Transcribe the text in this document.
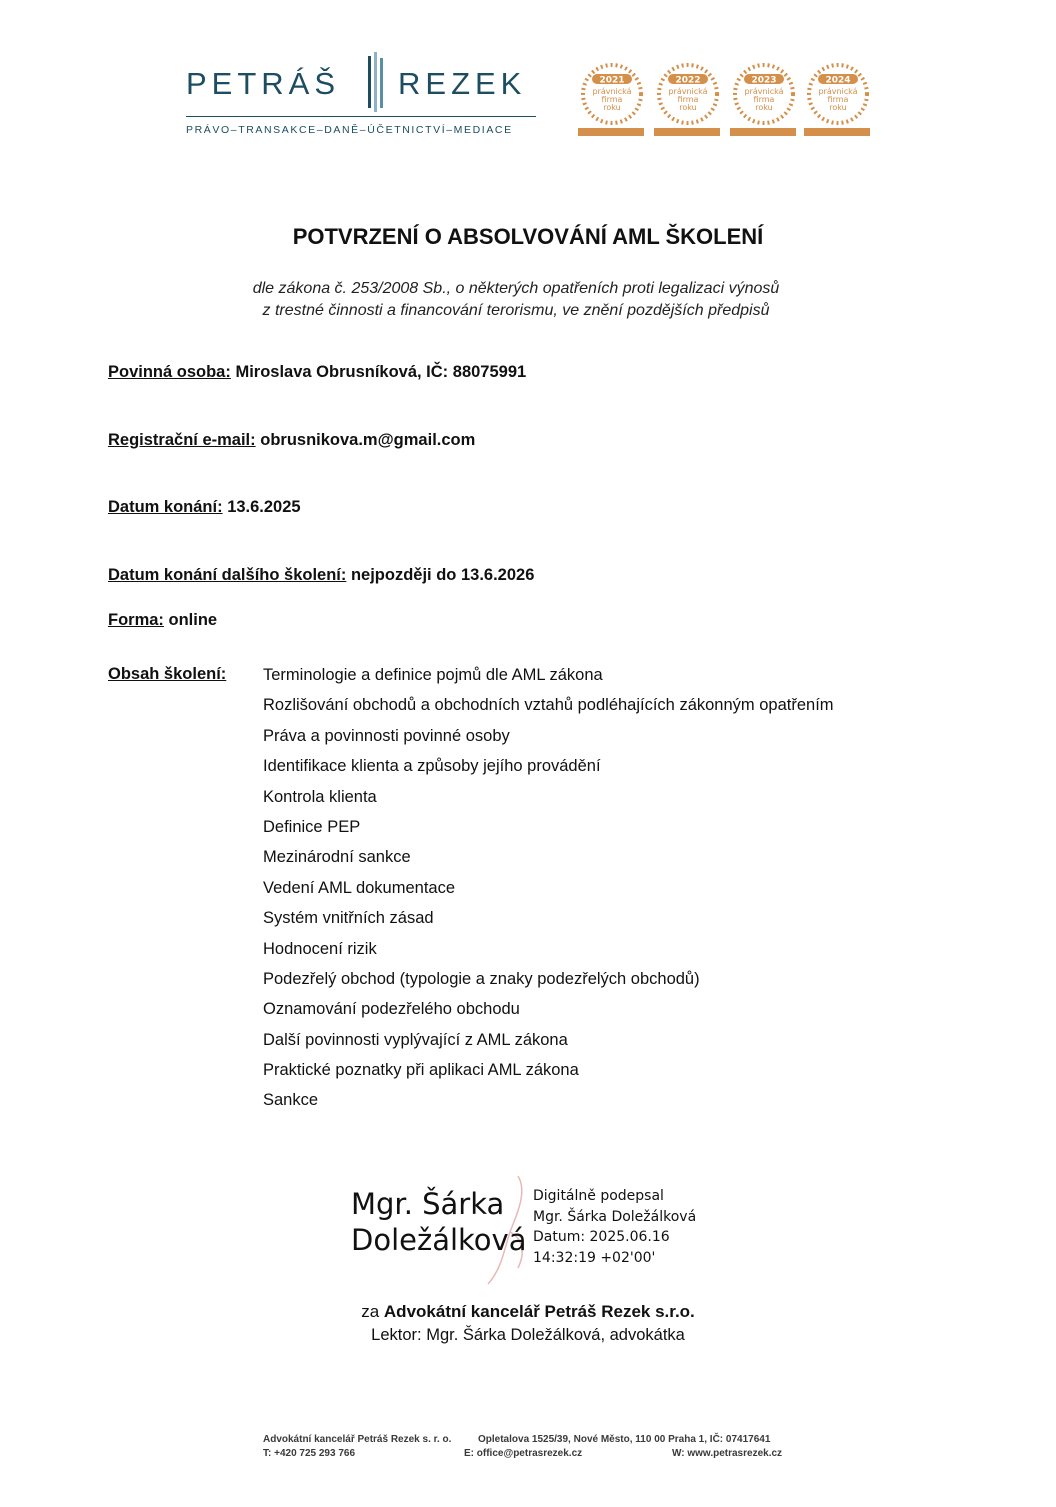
PETRÁŠ REZEK
PRÁVO–TRANSAKCE–DANĚ–ÚČETNICTVÍ–MEDIACE
2021
právnická
firma
roku
2022
právnická
firma
roku
2023
právnická
firma
roku
2024
právnická
firma
roku
POTVRZENÍ O ABSOLVOVÁNÍ AML ŠKOLENÍ
dle zákona č. 253/2008 Sb., o některých opatřeních proti legalizaci výnosů
z trestné činnosti a financování terorismu, ve znění pozdějších předpisů
Povinná osoba: Miroslava Obrusníková, IČ: 88075991
Registrační e-mail: obrusnikova.m@gmail.com
Datum konání: 13.6.2025
Datum konání dalšího školení: nejpozději do 13.6.2026
Forma: online
Obsah školení: Terminologie a definice pojmů dle AML zákona
Rozlišování obchodů a obchodních vztahů podléhajících zákonným opatřením
Práva a povinnosti povinné osoby
Identifikace klienta a způsoby jejího provádění
Kontrola klienta
Definice PEP
Mezinárodní sankce
Vedení AML dokumentace
Systém vnitřních zásad
Hodnocení rizik
Podezřelý obchod (typologie a znaky podezřelých obchodů)
Oznamování podezřelého obchodu
Další povinnosti vyplývající z AML zákona
Praktické poznatky při aplikaci AML zákona
Sankce
Mgr. Šárka
Doležálková
Digitálně podepsal
Mgr. Šárka Doležálková
Datum: 2025.06.16
14:32:19 +02'00'
za Advokátní kancelář Petráš Rezek s.r.o.
Lektor: Mgr. Šárka Doležálková, advokátka
Advokátní kancelář Petráš Rezek s. r. o.	Opletalova 1525/39, Nové Město, 110 00 Praha 1, IČ: 07417641
T: +420 725 293 766	E: office@petrasrezek.cz	W: www.petrasrezek.cz
